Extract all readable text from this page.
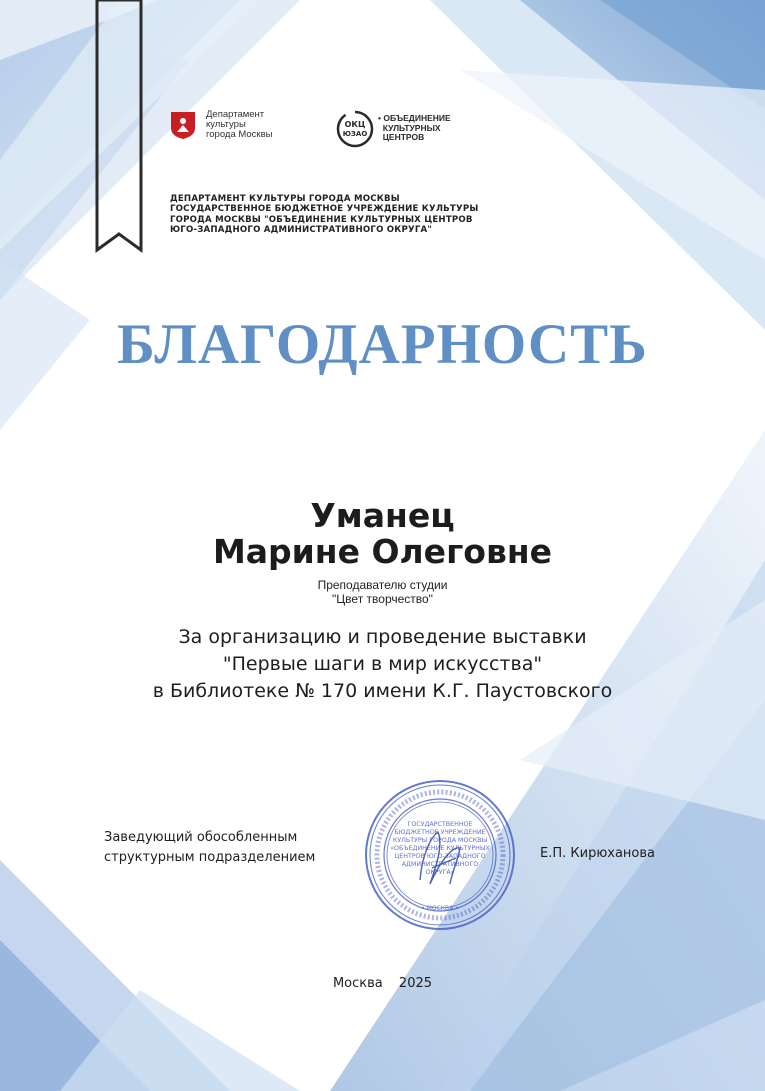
Департамент
культуры
города Москвы
ОКЦ
ЮЗАО
• ОБЪЕДИНЕНИЕ
КУЛЬТУРНЫХ
ЦЕНТРОВ
ДЕПАРТАМЕНТ КУЛЬТУРЫ ГОРОДА МОСКВЫ
ГОСУДАРСТВЕННОЕ БЮДЖЕТНОЕ УЧРЕЖДЕНИЕ КУЛЬТУРЫ
ГОРОДА МОСКВЫ "ОБЪЕДИНЕНИЕ КУЛЬТУРНЫХ ЦЕНТРОВ
ЮГО-ЗАПАДНОГО АДМИНИСТРАТИВНОГО ОКРУГА"
БЛАГОДАРНОСТЬ
Уманец
Марине Олеговне
Преподавателю студии
"Цвет творчество"
За организацию и проведение выставки
"Первые шаги в мир искусства"
в Библиотеке № 170 имени К.Г. Паустовского
Заведующий обособленным
структурным подразделением	Е.П. Кирюханова
ГОСУДАРСТВЕННОЕ
БЮДЖЕТНОЕ УЧРЕЖДЕНИЕ
КУЛЬТУРЫ ГОРОДА МОСКВЫ
«ОБЪЕДИНЕНИЕ КУЛЬТУРНЫХ
ЦЕНТРОВ ЮГО-ЗАПАДНОГО
АДМИНИСТРАТИВНОГО
ОКРУГА»
• МОСКВА •
Москва 2025
